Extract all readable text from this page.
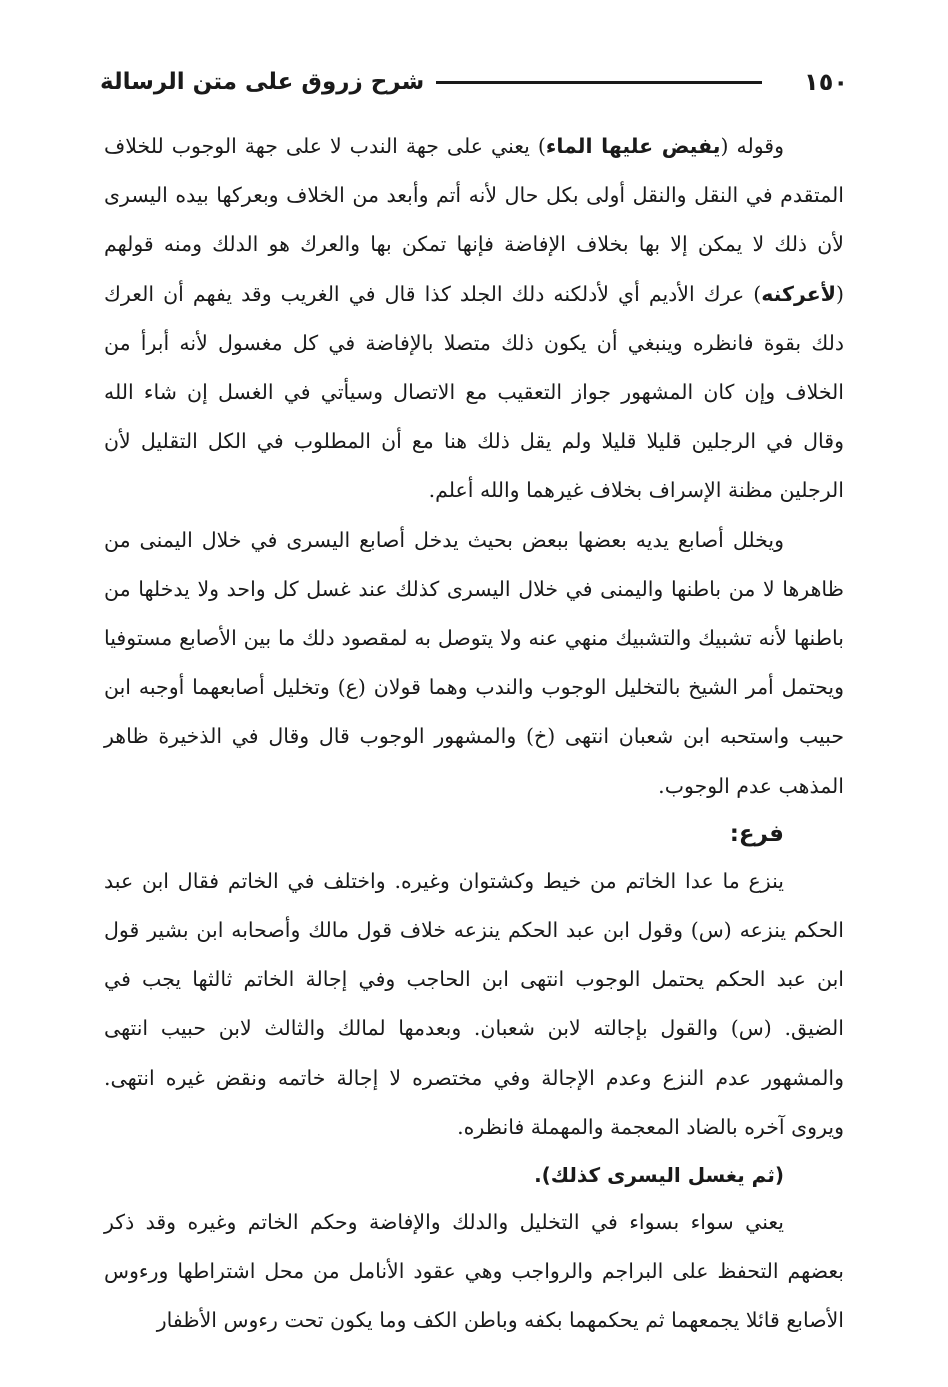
١٥٠
شرح زروق على متن الرسالة

وقوله (يفيض عليها الماء) يعني على جهة الندب لا على جهة الوجوب للخلاف المتقدم في النقل والنقل أولى بكل حال لأنه أتم وأبعد من الخلاف وبعركها بيده اليسرى لأن ذلك لا يمكن إلا بها بخلاف الإفاضة فإنها تمكن بها والعرك هو الدلك ومنه قولهم (لأعركنه) عرك الأديم أي لأدلكنه دلك الجلد كذا قال في الغريب وقد يفهم أن العرك دلك بقوة فانظره وينبغي أن يكون ذلك متصلا بالإفاضة في كل مغسول لأنه أبرأ من الخلاف وإن كان المشهور جواز التعقيب مع الاتصال وسيأتي في الغسل إن شاء الله وقال في الرجلين قليلا قليلا ولم يقل ذلك هنا مع أن المطلوب في الكل التقليل لأن الرجلين مظنة الإسراف بخلاف غيرهما والله أعلم.

ويخلل أصابع يديه بعضها ببعض بحيث يدخل أصابع اليسرى في خلال اليمنى من ظاهرها لا من باطنها واليمنى في خلال اليسرى كذلك عند غسل كل واحد ولا يدخلها من باطنها لأنه تشبيك والتشبيك منهي عنه ولا يتوصل به لمقصود دلك ما بين الأصابع مستوفيا ويحتمل أمر الشيخ بالتخليل الوجوب والندب وهما قولان (ع) وتخليل أصابعهما أوجبه ابن حبيب واستحبه ابن شعبان انتهى (خ) والمشهور الوجوب قال وقال في الذخيرة ظاهر المذهب عدم الوجوب.

فرع:

ينزع ما عدا الخاتم من خيط وكشتوان وغيره. واختلف في الخاتم فقال ابن عبد الحكم ينزعه (س) وقول ابن عبد الحكم ينزعه خلاف قول مالك وأصحابه ابن بشير قول ابن عبد الحكم يحتمل الوجوب انتهى ابن الحاجب وفي إجالة الخاتم ثالثها يجب في الضيق. (س) والقول بإجالته لابن شعبان. وبعدمها لمالك والثالث لابن حبيب انتهى والمشهور عدم النزع وعدم الإجالة وفي مختصره لا إجالة خاتمه ونقض غيره انتهى. ويروى آخره بالضاد المعجمة والمهملة فانظره.

(ثم يغسل اليسرى كذلك).

يعني سواء بسواء في التخليل والدلك والإفاضة وحكم الخاتم وغيره وقد ذكر بعضهم التحفظ على البراجم والرواجب وهي عقود الأنامل من محل اشتراطها ورءوس الأصابع قائلا يجمعهما ثم يحكمهما بكفه وباطن الكف وما يكون تحت رءوس الأظفار
